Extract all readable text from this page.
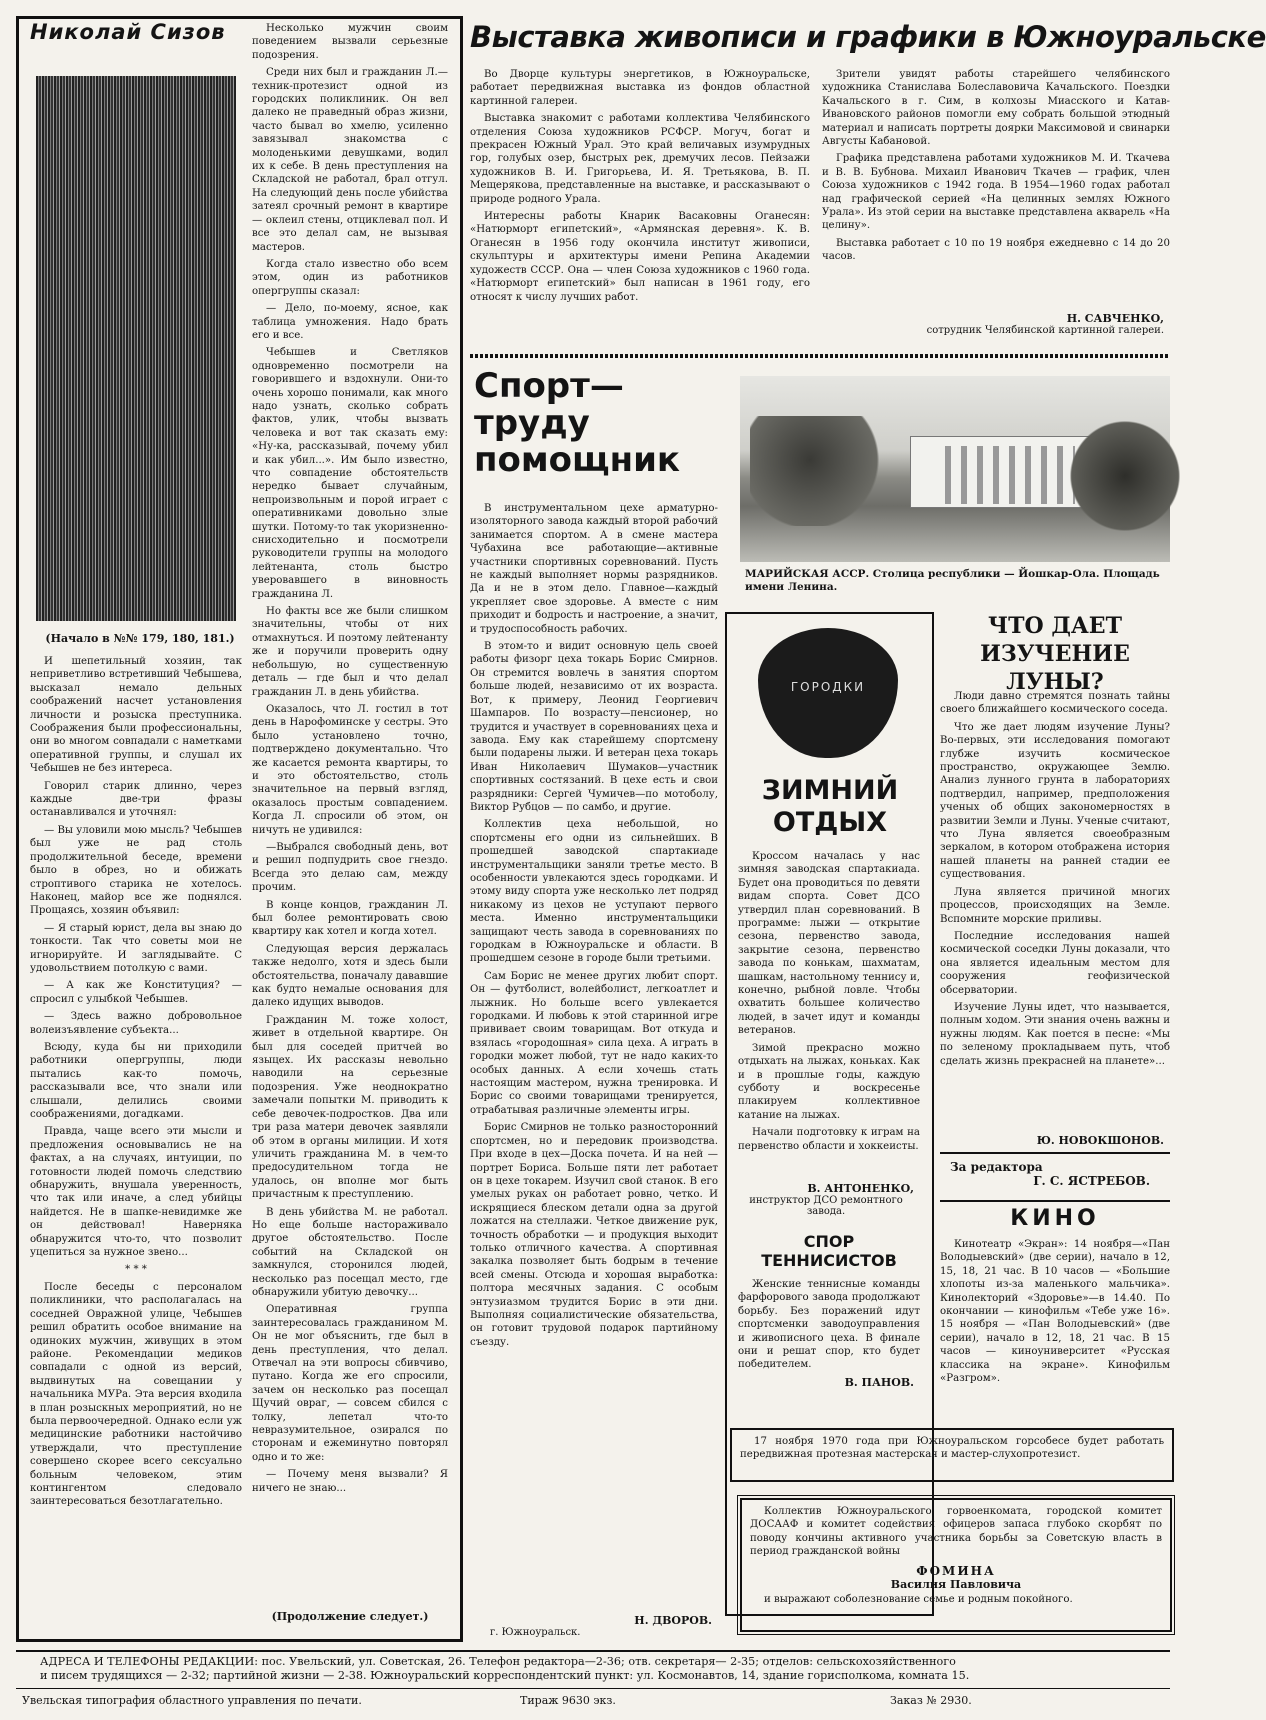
Николай Сизов
(Начало в №№ 179, 180, 181.)

И шепетильный хозяин, так неприветливо встретивший Чебышева, высказал немало дельных соображений насчет установления личности и розыска преступника. Соображения были профессиональны, они во многом совпадали с наметками оперативной группы, и слушал их Чебышев не без интереса.

Говорил старик длинно, через каждые две-три фразы останавливался и уточнял:

— Вы уловили мою мысль? Чебышев был уже не рад столь продолжительной беседе, времени было в обрез, но и обижать строптивого старика не хотелось. Наконец, майор все же поднялся. Прощаясь, хозяин объявил:

— Я старый юрист, дела вы знаю до тонкости. Так что советы мои не игнорируйте. И заглядывайте. С удовольствием потолкую с вами.

— А как же Конституция? — спросил с улыбкой Чебышев.

— Здесь важно добровольное волеизъявление субъекта...

Всюду, куда бы ни приходили работники опергруппы, люди пытались как-то помочь, рассказывали все, что знали или слышали, делились своими соображениями, догадками.

Правда, чаще всего эти мысли и предложения основывались не на фактах, а на случаях, интуиции, по готовности людей помочь следствию обнаружить, внушала уверенность, что так или иначе, а след убийцы найдется. Не в шапке-невидимке же он действовал! Наверняка обнаружится что-то, что позволит уцепиться за нужное звено...

* * *

После беседы с персоналом поликлиники, что располагалась на соседней Овражной улице, Чебышев решил обратить особое внимание на одиноких мужчин, живущих в этом районе. Рекомендации медиков совпадали с одной из версий, выдвинутых на совещании у начальника МУРа. Эта версия входила в план розыскных мероприятий, но не была первоочередной. Однако если уж медицинские работники настойчиво утверждали, что преступление совершено скорее всего сексуально больным человеком, этим контингентом следовало заинтересоваться безотлагательно.

Несколько мужчин своим поведением вызвали серьезные подозрения.

Среди них был и гражданин Л.—техник-протезист одной из городских поликлиник. Он вел далеко не праведный образ жизни, часто бывал во хмелю, усиленно завязывал знакомства с молоденькими девушками, водил их к себе. В день преступления на Складской не работал, брал отгул. На следующий день после убийства затеял срочный ремонт в квартире — оклеил стены, отциклевал пол. И все это делал сам, не вызывая мастеров.

Когда стало известно обо всем этом, один из работников опергруппы сказал:

— Дело, по-моему, ясное, как таблица умножения. Надо брать его и все.

Чебышев и Светляков одновременно посмотрели на говорившего и вздохнули. Они-то очень хорошо понимали, как много надо узнать, сколько собрать фактов, улик, чтобы вызвать человека и вот так сказать ему: «Ну-ка, рассказывай, почему убил и как убил...». Им было известно, что совпадение обстоятельств нередко бывает случайным, непроизвольным и порой играет с оперативниками довольно злые шутки. Потому-то так укоризненно-снисходительно и посмотрели руководители группы на молодого лейтенанта, столь быстро уверовавшего в виновность гражданина Л.

Но факты все же были слишком значительны, чтобы от них отмахнуться. И поэтому лейтенанту же и поручили проверить одну небольшую, но существенную деталь — где был и что делал гражданин Л. в день убийства.

Оказалось, что Л. гостил в тот день в Нарофоминске у сестры. Это было установлено точно, подтверждено документально. Что же касается ремонта квартиры, то и это обстоятельство, столь значительное на первый взгляд, оказалось простым совпадением. Когда Л. спросили об этом, он ничуть не удивился:

—Выбрался свободный день, вот и решил подпудрить свое гнездо. Всегда это делаю сам, между прочим.

В конце концов, гражданин Л. был более ремонтировать свою квартиру как хотел и когда хотел.

Следующая версия держалась также недолго, хотя и здесь были обстоятельства, поначалу дававшие как будто немалые основания для далеко идущих выводов.

Гражданин М. тоже холост, живет в отдельной квартире. Он был для соседей притчей во языцех. Их рассказы невольно наводили на серьезные подозрения. Уже неоднократно замечали попытки М. приводить к себе девочек-подростков. Два или три раза матери девочек заявляли об этом в органы милиции. И хотя уличить гражданина М. в чем-то предосудительном тогда не удалось, он вполне мог быть причастным к преступлению.

В день убийства М. не работал. Но еще больше настораживало другое обстоятельство. После событий на Складской он замкнулся, сторонился людей, несколько раз посещал место, где обнаружили убитую девочку...

Оперативная группа заинтересовалась гражданином М. Он не мог объяснить, где был в день преступления, что делал. Отвечал на эти вопросы сбивчиво, путано. Когда же его спросили, зачем он несколько раз посещал Щучий овраг, — совсем сбился с толку, лепетал что-то невразумительное, озирался по сторонам и ежеминутно повторял одно и то же:

— Почему меня вызвали? Я ничего не знаю...

(Продолжение следует.)
Выставка живописи и графики в Южноуральске

Во Дворце культуры энергетиков, в Южноуральске, работает передвижная выставка из фондов областной картинной галереи.

Выставка знакомит с работами коллектива Челябинского отделения Союза художников РСФСР. Могуч, богат и прекрасен Южный Урал. Это край величавых изумрудных гор, голубых озер, быстрых рек, дремучих лесов. Пейзажи художников В. И. Григорьева, И. Я. Третьякова, В. П. Мещерякова, представленные на выставке, и рассказывают о природе родного Урала.

Интересны работы Кнарик Васаковны Оганесян: «Натюрморт египетский», «Армянская деревня». К. В. Оганесян в 1956 году окончила институт живописи, скульптуры и архитектуры имени Репина Академии художеств СССР. Она — член Союза художников с 1960 года. «Натюрморт египетский» был написан в 1961 году, его относят к числу лучших работ.

Зрители увидят работы старейшего челябинского художника Станислава Болеславовича Качальского. Поездки Качальского в г. Сим, в колхозы Миасского и Катав-Ивановского районов помогли ему собрать большой этюдный материал и написать портреты доярки Максимовой и свинарки Августы Кабановой.

Графика представлена работами художников М. И. Ткачева и В. В. Бубнова. Михаил Иванович Ткачев — график, член Союза художников с 1942 года. В 1954—1960 годах работал над графической серией «На целинных землях Южного Урала». Из этой серии на выставке представлена акварель «На целину».

Выставка работает с 10 по 19 ноября ежедневно с 14 до 20 часов.

Н. САВЧЕНКО,
сотрудник Челябинской картинной галереи.
Спорт—
труду
помощник

В инструментальном цехе арматурно-изоляторного завода каждый второй рабочий занимается спортом. А в смене мастера Чубахина все работающие—активные участники спортивных соревнований. Пусть не каждый выполняет нормы разрядников. Да и не в этом дело. Главное—каждый укрепляет свое здоровье. А вместе с ним приходит и бодрость и настроение, а значит, и трудоспособность рабочих.

В этом-то и видит основную цель своей работы физорг цеха токарь Борис Смирнов. Он стремится вовлечь в занятия спортом больше людей, независимо от их возраста. Вот, к примеру, Леонид Георгиевич Шампаров. По возрасту—пенсионер, но трудится и участвует в соревнованиях цеха и завода. Ему как старейшему спортсмену были подарены лыжи. И ветеран цеха токарь Иван Николаевич Шумаков—участник спортивных состязаний. В цехе есть и свои разрядники: Сергей Чумичев—по мотоболу, Виктор Рубцов — по самбо, и другие.

Коллектив цеха небольшой, но спортсмены его одни из сильнейших. В прошедшей заводской спартакиаде инструментальщики заняли третье место. В особенности увлекаются здесь городками. И этому виду спорта уже несколько лет подряд никакому из цехов не уступают первого места. Именно инструментальщики защищают честь завода в соревнованиях по городкам в Южноуральске и области. В прошедшем сезоне в городе были третьими.

Сам Борис не менее других любит спорт. Он — футболист, волейболист, легкоатлет и лыжник. Но больше всего увлекается городками. И любовь к этой старинной игре прививает своим товарищам. Вот откуда и взялась «городошная» сила цеха. А играть в городки может любой, тут не надо каких-то особых данных. А если хочешь стать настоящим мастером, нужна тренировка. И Борис со своими товарищами тренируется, отрабатывая различные элементы игры.

Борис Смирнов не только разносторонний спортсмен, но и передовик производства. При входе в цех—Доска почета. И на ней — портрет Бориса. Больше пяти лет работает он в цехе токарем. Изучил свой станок. В его умелых руках он работает ровно, четко. И искрящиеся блеском детали одна за другой ложатся на стеллажи. Четкое движение рук, точность обработки — и продукция выходит только отличного качества. А спортивная закалка позволяет быть бодрым в течение всей смены. Отсюда и хорошая выработка: полтора месячных задания. С особым энтузиазмом трудится Борис в эти дни. Выполняя социалистические обязательства, он готовит трудовой подарок партийному съезду.

Н. ДВОРОВ.
г. Южноуральск.
МАРИЙСКАЯ АССР. Столица республики — Йошкар-Ола. Площадь имени Ленина.
ГОРОДКИ
ЗИМНИЙ
ОТДЫХ

Кроссом началась у нас зимняя заводская спартакиада. Будет она проводиться по девяти видам спорта. Совет ДСО утвердил план соревнований. В программе: лыжи — открытие сезона, первенство завода, закрытие сезона, первенство завода по конькам, шахматам, шашкам, настольному теннису и, конечно, рыбной ловле. Чтобы охватить большее количество людей, в зачет идут и команды ветеранов.

Зимой прекрасно можно отдыхать на лыжах, коньках. Как и в прошлые годы, каждую субботу и воскресенье плакируем коллективное катание на лыжах.

Начали подготовку к играм на первенство области и хоккеисты.

В. АНТОНЕНКО,
инструктор ДСО ремонтного завода.
СПОР
ТЕННИСИСТОВ

Женские теннисные команды фарфорового завода продолжают борьбу. Без поражений идут спортсменки заводоуправления и живописного цеха. В финале они и решат спор, кто будет победителем.

В. ПАНОВ.
ЧТО ДАЕТ
ИЗУЧЕНИЕ ЛУНЫ?

Люди давно стремятся познать тайны своего ближайшего космического соседа.

Что же дает людям изучение Луны? Во-первых, эти исследования помогают глубже изучить космическое пространство, окружающее Землю. Анализ лунного грунта в лабораториях подтвердил, например, предположения ученых об общих закономерностях в развитии Земли и Луны. Ученые считают, что Луна является своеобразным зеркалом, в котором отображена история нашей планеты на ранней стадии ее существования.

Луна является причиной многих процессов, происходящих на Земле. Вспомните морские приливы.

Последние исследования нашей космической соседки Луны доказали, что она является идеальным местом для сооружения геофизической обсерватории.

Изучение Луны идет, что называется, полным ходом. Эти знания очень важны и нужны людям. Как поется в песне: «Мы по зеленому прокладываем путь, чтоб сделать жизнь прекрасней на планете»...

Ю. НОВОКШОНОВ.
За редактора
Г. С. ЯСТРЕБОВ.
КИНО

Кинотеатр «Экран»: 14 ноября—«Пан Володыевский» (две серии), начало в 12, 15, 18, 21 час. В 10 часов — «Большие хлопоты из-за маленького мальчика». Кинолекторий «Здоровье»—в 14.40. По окончании — кинофильм «Тебе уже 16». 15 ноября — «Пан Володыевский» (две серии), начало в 12, 18, 21 час. В 15 часов — киноуниверситет «Русская классика на экране». Кинофильм «Разгром».

17 ноября 1970 года при Южноуральском горсобесе будет работать передвижная протезная мастерская и мастер-слухопротезист.

Коллектив Южноуральского горвоенкомата, городской комитет ДОСААФ и комитет содействия офицеров запаса глубоко скорбят по поводу кончины активного участника борьбы за Советскую власть в период гражданской войны

ФОМИНА
Василия Павловича

и выражают соболезнование семье и родным покойного.

АДРЕСА И ТЕЛЕФОНЫ РЕДАКЦИИ: пос. Увельский, ул. Советская, 26. Телефон редактора—2-36; отв. секретаря— 2-35; отделов: сельскохозяйственного
и писем трудящихся — 2-32; партийной жизни — 2-38. Южноуральский корреспондентский пункт: ул. Космонавтов, 14, здание горисполкома, комната 15.
Увельская типография областного управления по печати.	Тираж 9630 экз.	Заказ № 2930.
